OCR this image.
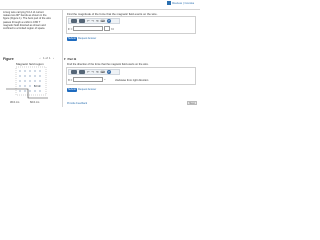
Review | Consta
A long wire carrying 5.0 A of current makes two 90° bends as shown in the figure (Figure 1). The bent part of the wire passes through a uniform 0.80 T magnetic field directed as shown and confined to a limited region of space.
Find the magnitude of the force that the magnetic field exerts on the wire.
↶ ↷ ⟲ ⌨	?
F =	N
Submit Request Answer
Figure	‹ 1 of 1 ›
Magnetic field region
5.0 A
30.0 cm	60.0 cm
▾ Part B
Find the direction of the force that the magnetic field exerts on the wire.
↶ ↷ ⟲ ⌨	?
θ =	°	clockwise from right direction
Submit Request Answer
Provide Feedback	Next
